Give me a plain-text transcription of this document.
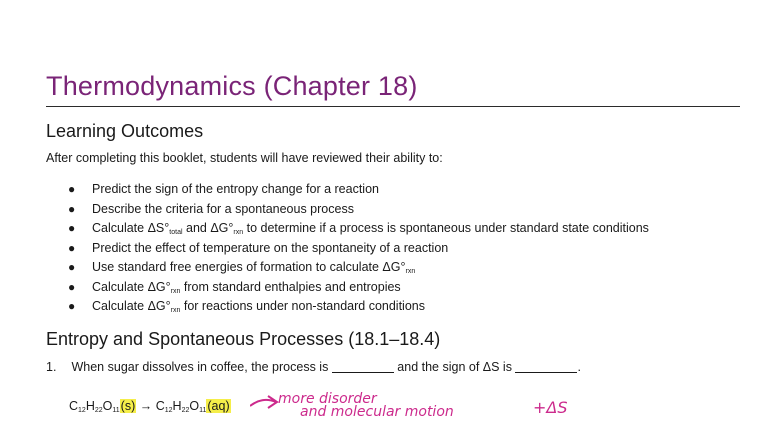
Thermodynamics (Chapter 18)
Learning Outcomes
After completing this booklet, students will have reviewed their ability to:
● Predict the sign of the entropy change for a reaction
● Describe the criteria for a spontaneous process
● Calculate $\Delta S^\circ_{total}$ and $\Delta G^\circ_{rxn}$ to determine if a process is spontaneous under standard state conditions
● Predict the effect of temperature on the spontaneity of a reaction
● Use standard free energies of formation to calculate $\Delta G^\circ_{rxn}$
● Calculate $\Delta G^\circ_{rxn}$ from standard enthalpies and entropies
● Calculate $\Delta G^\circ_{rxn}$ for reactions under non-standard conditions
Entropy and Spontaneous Processes (18.1–18.4)
1. When sugar dissolves in coffee, the process is	and the sign of ΔS is	.
$C_{12}H_{22}O_{11}(s) \to C_{12}H_{22}O_{11}(aq)$	more disorder
and molecular motion	+ΔS
